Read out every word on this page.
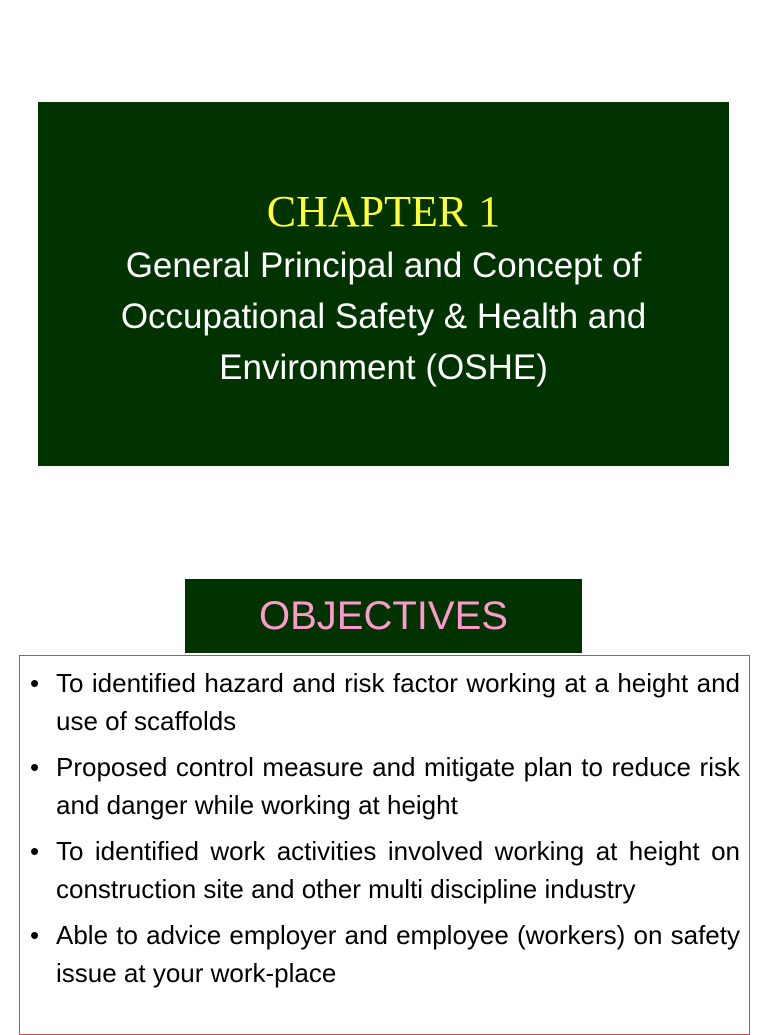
CHAPTER 1

General Principal and Concept of Occupational Safety & Health and Environment (OSHE)

OBJECTIVES
• To identified hazard and risk factor working at a height and use of scaffolds
• Proposed control measure and mitigate plan to reduce risk and danger while working at height
• To identified work activities involved working at height on construction site and other multi discipline industry
• Able to advice employer and employee (workers) on safety issue at your work-place
